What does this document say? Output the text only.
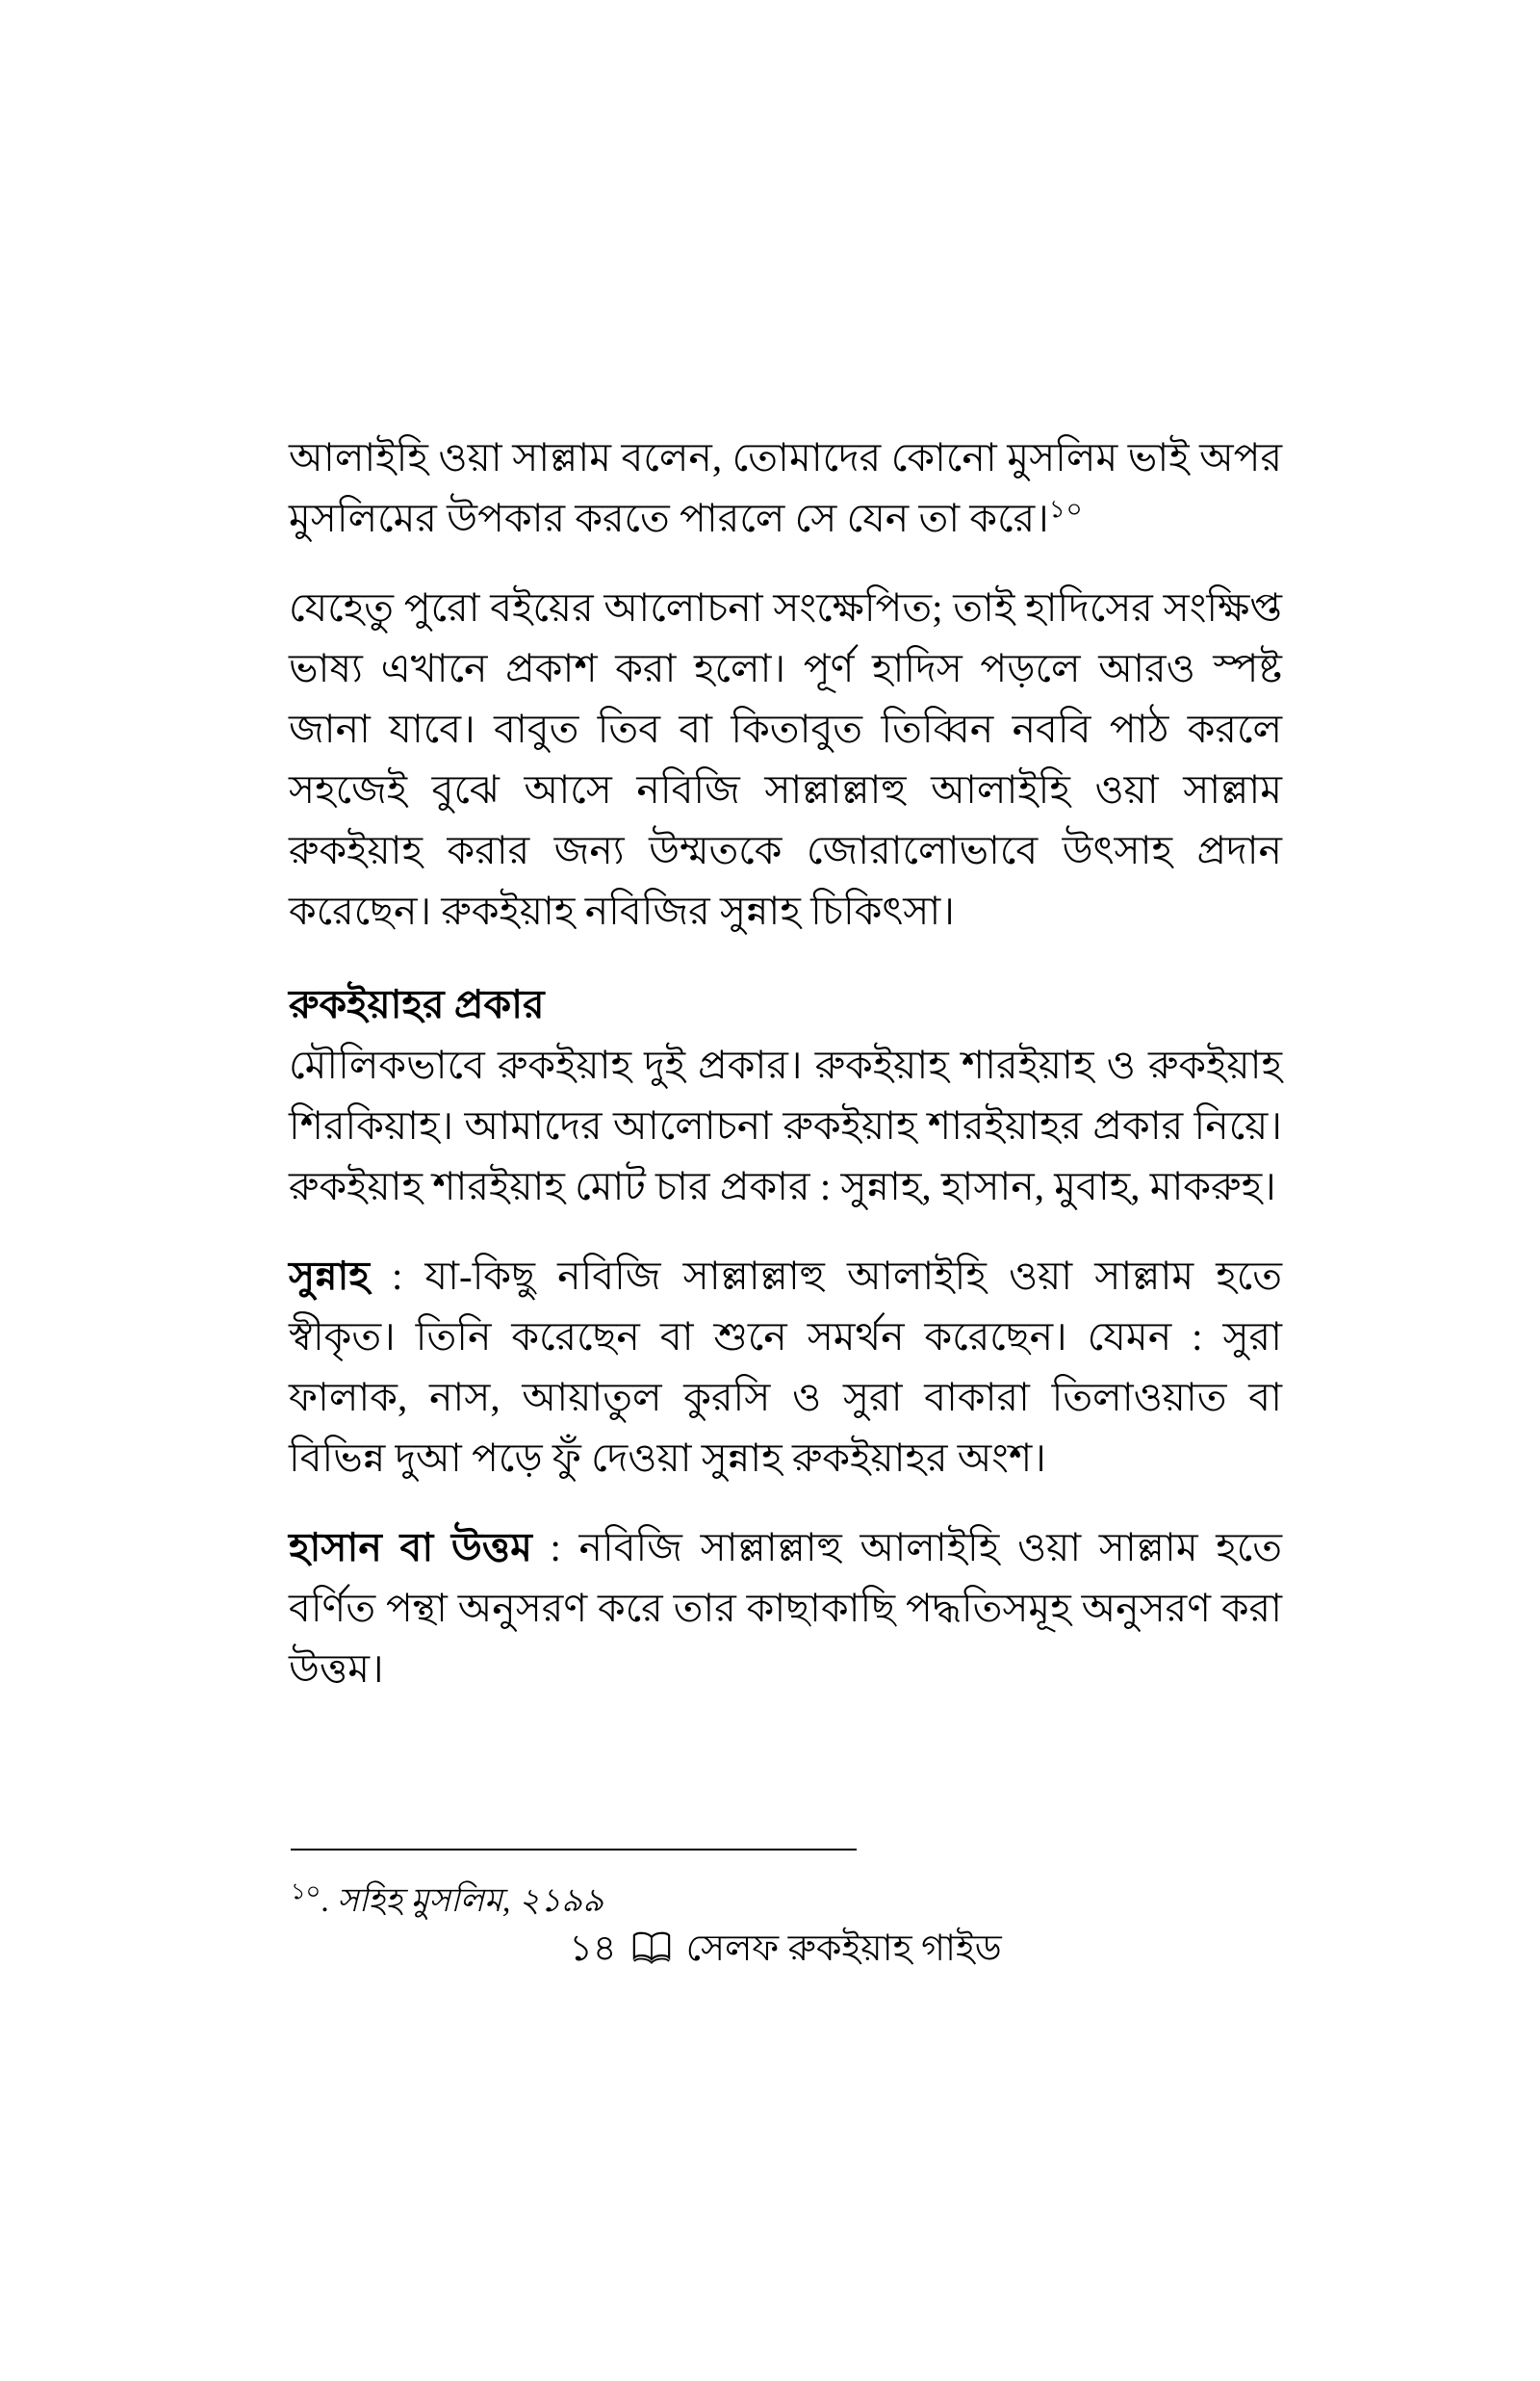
আলাইহি ওয়া সাল্লাম বলেন, তোমাদের কোনো মুসলিম ভাই অপর মুসলিমের উপকার করতে পারলে সে যেন তা করে।$^{১০}$

যেহেতু পুরো বইয়ের আলোচনা সংক্ষেপিত; তাই হাদিসের সংক্ষিপ্ত ভাষ্য এখানে প্রকাশ করা হলো। পূর্ণ হাদিস পড়লে আরও স্পষ্ট জানা যাবে। বাবুত তিব বা কিতাবুত তিব্বিন নববি পাঠ করলে সহজেই বুঝে আসে নবিজি সাল্লাল্লাহু আলাইহি ওয়া সাল্লাম রুকইয়াহ করার জন্য উম্মতকে জোরালোভাবে উৎসাহ প্রদান করেছেন। রুকইয়াহ নবিজির সুন্নাহ চিকিৎসা।

রুকইয়াহর প্রকার

মৌলিকভাবে রুকইয়াহ দুই প্রকার। রুকইয়াহ শারইয়াহ ও রুকইয়াহ শিরকিয়াহ। আমাদের আলোচনা রুকইয়াহ শারইয়াহর প্রকার নিয়ে। রুকইয়াহ শারইয়াহ মোট চার প্রকার : সুন্নাহ, হাসান, মুবাহ, মাকরুহ।

সুন্নাহ : যা-কিছু নবিজি সাল্লাল্লাহু আলাইহি ওয়া সাল্লাম হতে স্বীকৃত। তিনি করেছেন বা শুনে সমর্থন করেছেন। যেমন : সুরা ফালাক, নাস, আয়াতুল কুরসি ও সুরা বাকারা তিলাওয়াত বা বিভিন্ন দুআ পড়ে ফুঁ দেওয়া সুন্নাহ রুকইয়াহর অংশ।

হাসান বা উত্তম : নবিজি সাল্লাল্লাহু আলাইহি ওয়া সাল্লাম হতে বর্ণিত পন্থা অনুসরণ করে তার কাছাকাছি পদ্ধতিসমূহ অনুসরণ করা উত্তম।

$^{১০}$. সহিহ মুসলিম, ২১৯৯
১৪ সেলফ রুকইয়াহ গাইড
